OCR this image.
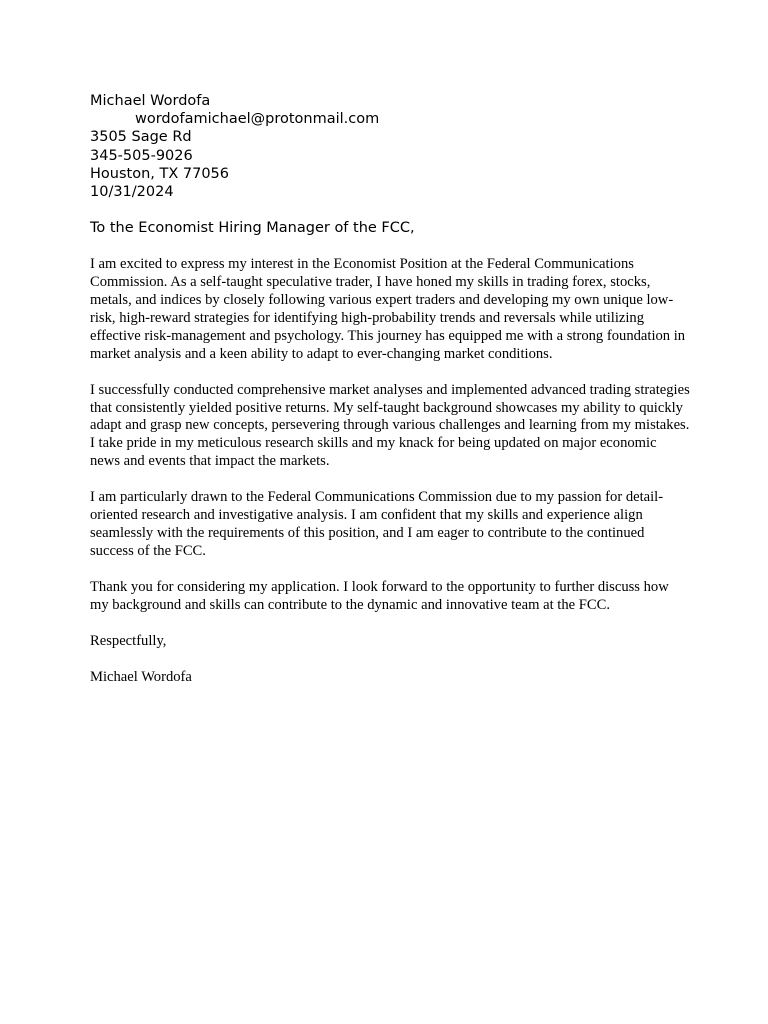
Michael Wordofa
wordofamichael@protonmail.com
3505 Sage Rd
345-505-9026
Houston, TX 77056
10/31/2024
To the Economist Hiring Manager of the FCC,

I am excited to express my interest in the Economist Position at the Federal Communications Commission. As a self-taught speculative trader, I have honed my skills in trading forex, stocks, metals, and indices by closely following various expert traders and developing my own unique low-risk, high-reward strategies for identifying high-probability trends and reversals while utilizing effective risk-management and psychology. This journey has equipped me with a strong foundation in market analysis and a keen ability to adapt to ever-changing market conditions.

I successfully conducted comprehensive market analyses and implemented advanced trading strategies that consistently yielded positive returns. My self-taught background showcases my ability to quickly adapt and grasp new concepts, persevering through various challenges and learning from my mistakes. I take pride in my meticulous research skills and my knack for being updated on major economic news and events that impact the markets.

I am particularly drawn to the Federal Communications Commission due to my passion for detail-oriented research and investigative analysis. I am confident that my skills and experience align seamlessly with the requirements of this position, and I am eager to contribute to the continued success of the FCC.

Thank you for considering my application. I look forward to the opportunity to further discuss how my background and skills can contribute to the dynamic and innovative team at the FCC.

Respectfully,

Michael Wordofa
